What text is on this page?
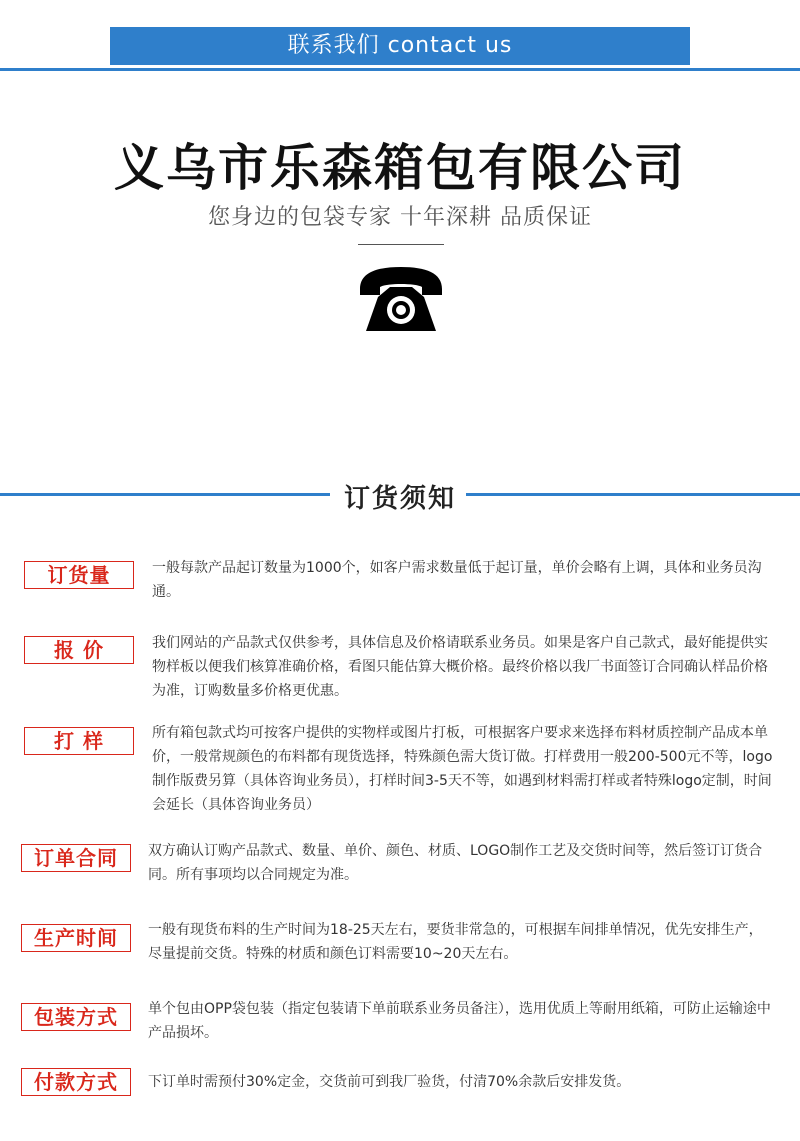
联系我们 contact us
义乌市乐森箱包有限公司
您身边的包袋专家 十年深耕 品质保证
订货须知
订货量	一般每款产品起订数量为1000个，如客户需求数量低于起订量，单价会略有上调，具体和业务员沟通。
报 价	我们网站的产品款式仅供参考，具体信息及价格请联系业务员。如果是客户自己款式，最好能提供实物样板以便我们核算准确价格，看图只能估算大概价格。最终价格以我厂书面签订合同确认样品价格为准，订购数量多价格更优惠。
打 样	所有箱包款式均可按客户提供的实物样或图片打板，可根据客户要求来选择布料材质控制产品成本单价，一般常规颜色的布料都有现货选择，特殊颜色需大货订做。打样费用一般200-500元不等，logo制作版费另算（具体咨询业务员），打样时间3-5天不等，如遇到材料需打样或者特殊logo定制，时间会延长（具体咨询业务员）
订单合同	双方确认订购产品款式、数量、单价、颜色、材质、LOGO制作工艺及交货时间等，然后签订订货合同。所有事项均以合同规定为准。
生产时间	一般有现货布料的生产时间为18-25天左右，要货非常急的，可根据车间排单情况，优先安排生产，尽量提前交货。特殊的材质和颜色订料需要10~20天左右。
包装方式	单个包由OPP袋包装（指定包装请下单前联系业务员备注），选用优质上等耐用纸箱，可防止运输途中产品损坏。
付款方式	下订单时需预付30%定金，交货前可到我厂验货，付清70%余款后安排发货。
